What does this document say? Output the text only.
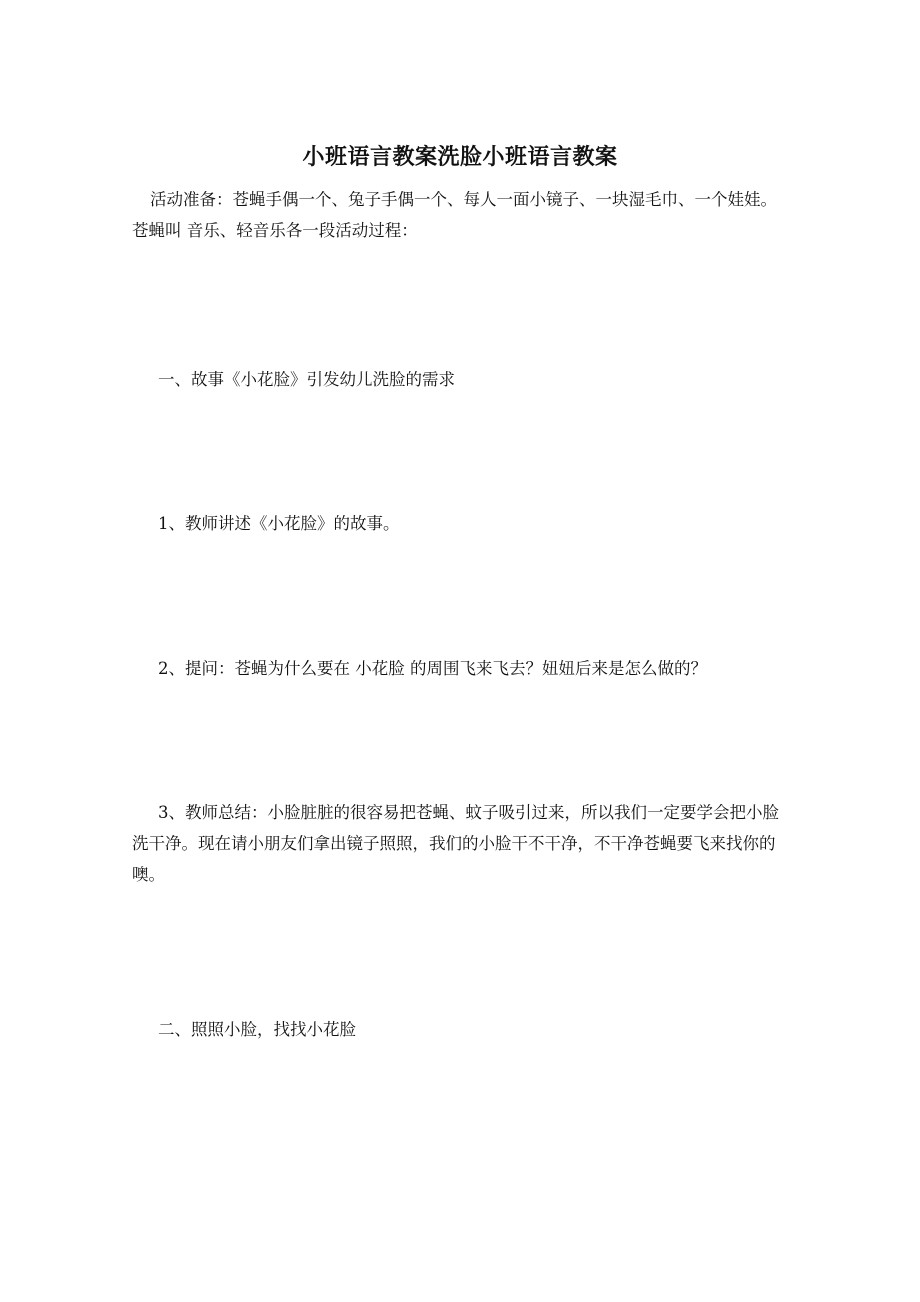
小班语言教案洗脸小班语言教案

活动准备：苍蝇手偶一个、兔子手偶一个、每人一面小镜子、一块湿毛巾、一个娃娃。 苍蝇叫 音乐、轻音乐各一段活动过程：

一、故事《小花脸》引发幼儿洗脸的需求

1、教师讲述《小花脸》的故事。

2、提问：苍蝇为什么要在 小花脸 的周围飞来飞去？妞妞后来是怎么做的？

3、教师总结：小脸脏脏的很容易把苍蝇、蚊子吸引过来，所以我们一定要学会把小脸洗干净。现在请小朋友们拿出镜子照照，我们的小脸干不干净，不干净苍蝇要飞来找你的噢。

二、照照小脸，找找小花脸
